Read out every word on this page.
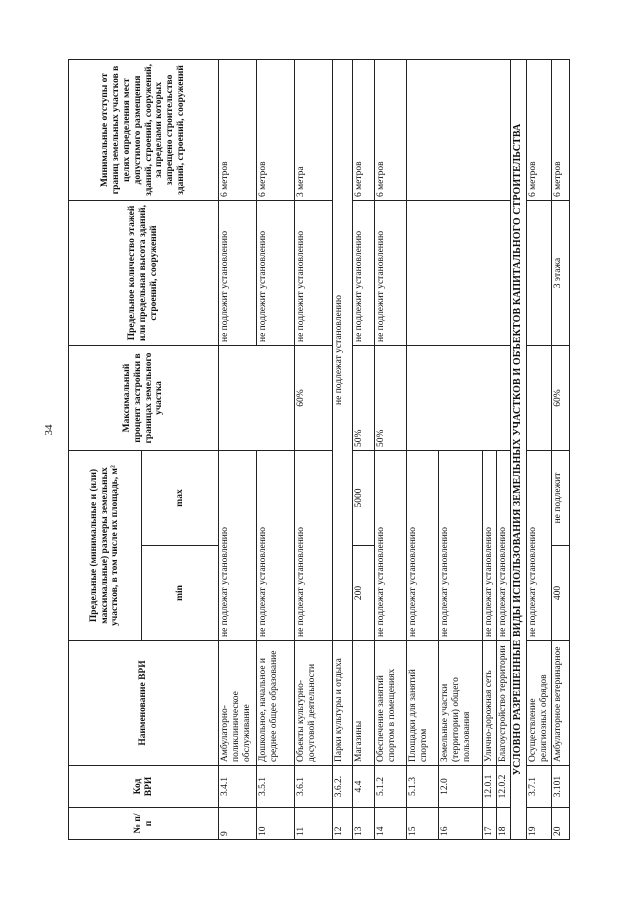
34
№ п/п	Код ВРИ	Наименование ВРИ	Предельные (минимальные и (или) максимальные) размеры земельных участков, в том числе их площадь, м²		Максимальный процент застройки в границах земельного участка	Предельное количество этажей или предельная высота зданий, строений, сооружений	Минимальные отступы от границ земельных участков в целях определения мест допустимого размещения зданий, строений, сооружений, за пределами которых запрещено строительство зданий, строений, сооружений
			min	max			
9	3.4.1	Амбулаторно-поликлиническое обслуживание	не подлежат установлению			не подлежит установлению	6 метров
10	3.5.1	Дошкольное, начальное и среднее общее образование	не подлежат установлению			не подлежит установлению	6 метров
11	3.6.1	Объекты культурно-досуговой деятельности	не подлежат установлению		60%	не подлежит установлению	3 метра
12	3.6.2.	Парки культуры и отдыха	не подлежат установлению				
13	4.4	Магазины	200	5000	50%	не подлежит установлению	6 метров
14	5.1.2	Обеспечение занятий спортом в помещениях	не подлежат установлению		50%	не подлежит установлению	6 метров
15	5.1.3	Площадки для занятий спортом	не подлежат установлению				
16	12.0	Земельные участки (территории) общего пользования	не подлежат установлению				
17	12.0.1	Улично-дорожная сеть	не подлежат установлению				
18	12.0.2	Благоустройство территории	не подлежат установлению				
УСЛОВНО РАЗРЕШЕННЫЕ ВИДЫ ИСПОЛЬЗОВАНИЯ ЗЕМЕЛЬНЫХ УЧАСТКОВ И ОБЪЕКТОВ КАПИТАЛЬНОГО СТРОИТЕЛЬСТВА							
19	3.7.1	Осуществление религиозных обрядов	не подлежат установлению				6 метров
20	3.101	Амбулаторное ветеринарное	400	не подлежит	60%	3 этажа	6 метров
